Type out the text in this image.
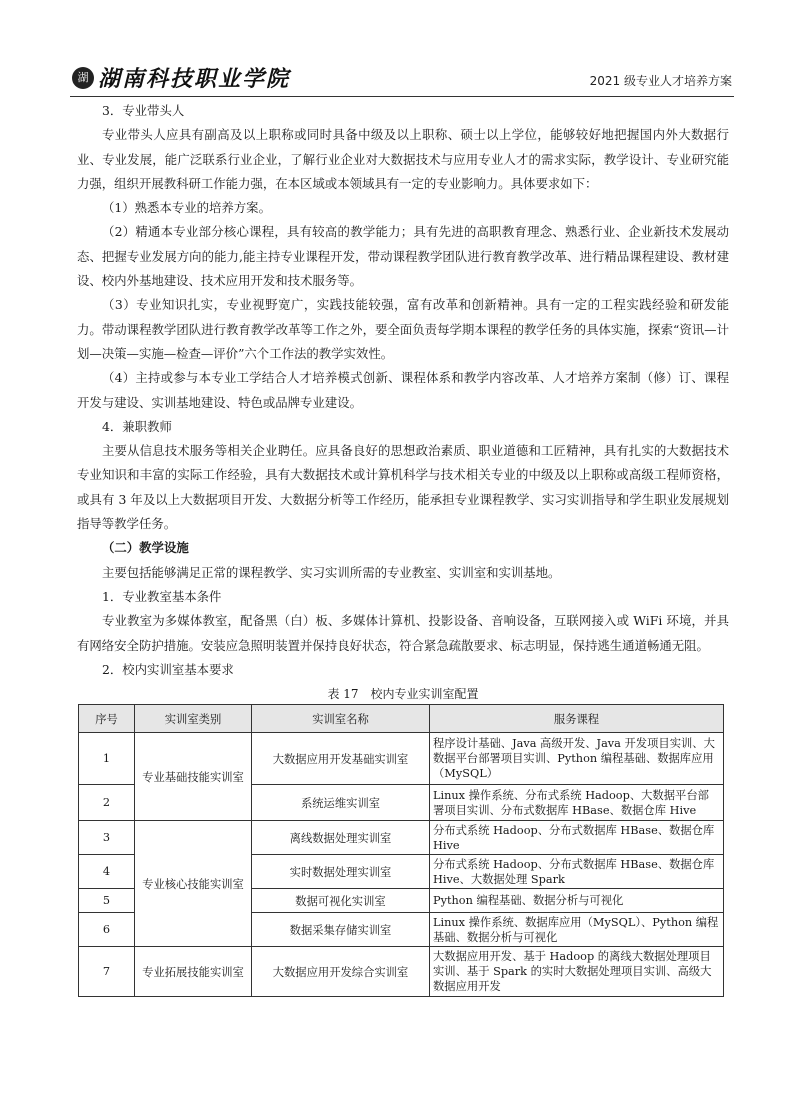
湖 湖南科技职业学院	2021 级专业人才培养方案

3．专业带头人

专业带头人应具有副高及以上职称或同时具备中级及以上职称、硕士以上学位，能够较好地把握国内外大数据行业、专业发展，能广泛联系行业企业，了解行业企业对大数据技术与应用专业人才的需求实际，教学设计、专业研究能力强，组织开展教科研工作能力强，在本区域或本领域具有一定的专业影响力。具体要求如下：

（1）熟悉本专业的培养方案。

（2）精通本专业部分核心课程，具有较高的教学能力；具有先进的高职教育理念、熟悉行业、企业新技术发展动态、把握专业发展方向的能力,能主持专业课程开发，带动课程教学团队进行教育教学改革、进行精品课程建设、教材建设、校内外基地建设、技术应用开发和技术服务等。

（3）专业知识扎实，专业视野宽广，实践技能较强，富有改革和创新精神。具有一定的工程实践经验和研发能力。带动课程教学团队进行教育教学改革等工作之外，要全面负责每学期本课程的教学任务的具体实施，探索“资讯—计划—决策—实施—检查—评价”六个工作法的教学实效性。

（4）主持或参与本专业工学结合人才培养模式创新、课程体系和教学内容改革、人才培养方案制（修）订、课程开发与建设、实训基地建设、特色或品牌专业建设。

4．兼职教师

主要从信息技术服务等相关企业聘任。应具备良好的思想政治素质、职业道德和工匠精神，具有扎实的大数据技术专业知识和丰富的实际工作经验，具有大数据技术或计算机科学与技术相关专业的中级及以上职称或高级工程师资格，或具有 3 年及以上大数据项目开发、大数据分析等工作经历，能承担专业课程教学、实习实训指导和学生职业发展规划指导等教学任务。

（二）教学设施

主要包括能够满足正常的课程教学、实习实训所需的专业教室、实训室和实训基地。

1．专业教室基本条件

专业教室为多媒体教室，配备黑（白）板、多媒体计算机、投影设备、音响设备，互联网接入或 WiFi 环境，并具有网络安全防护措施。安装应急照明装置并保持良好状态，符合紧急疏散要求、标志明显，保持逃生通道畅通无阻。

2．校内实训室基本要求

表 17　校内专业实训室配置
序号	实训室类别	实训室名称	服务课程
1	专业基础技能实训室	大数据应用开发基础实训室	程序设计基础、Java 高级开发、Java 开发项目实训、大数据平台部署项目实训、Python 编程基础、数据库应用（MySQL）
2		系统运维实训室	Linux 操作系统、分布式系统 Hadoop、大数据平台部署项目实训、分布式数据库 HBase、数据仓库 Hive
3	专业核心技能实训室	离线数据处理实训室	分布式系统 Hadoop、分布式数据库 HBase、数据仓库 Hive
4		实时数据处理实训室	分布式系统 Hadoop、分布式数据库 HBase、数据仓库 Hive、大数据处理 Spark
5		数据可视化实训室	Python 编程基础、数据分析与可视化
6		数据采集存储实训室	Linux 操作系统、数据库应用（MySQL）、Python 编程基础、数据分析与可视化
7	专业拓展技能实训室	大数据应用开发综合实训室	大数据应用开发、基于 Hadoop 的离线大数据处理项目实训、基于 Spark 的实时大数据处理项目实训、高级大数据应用开发
